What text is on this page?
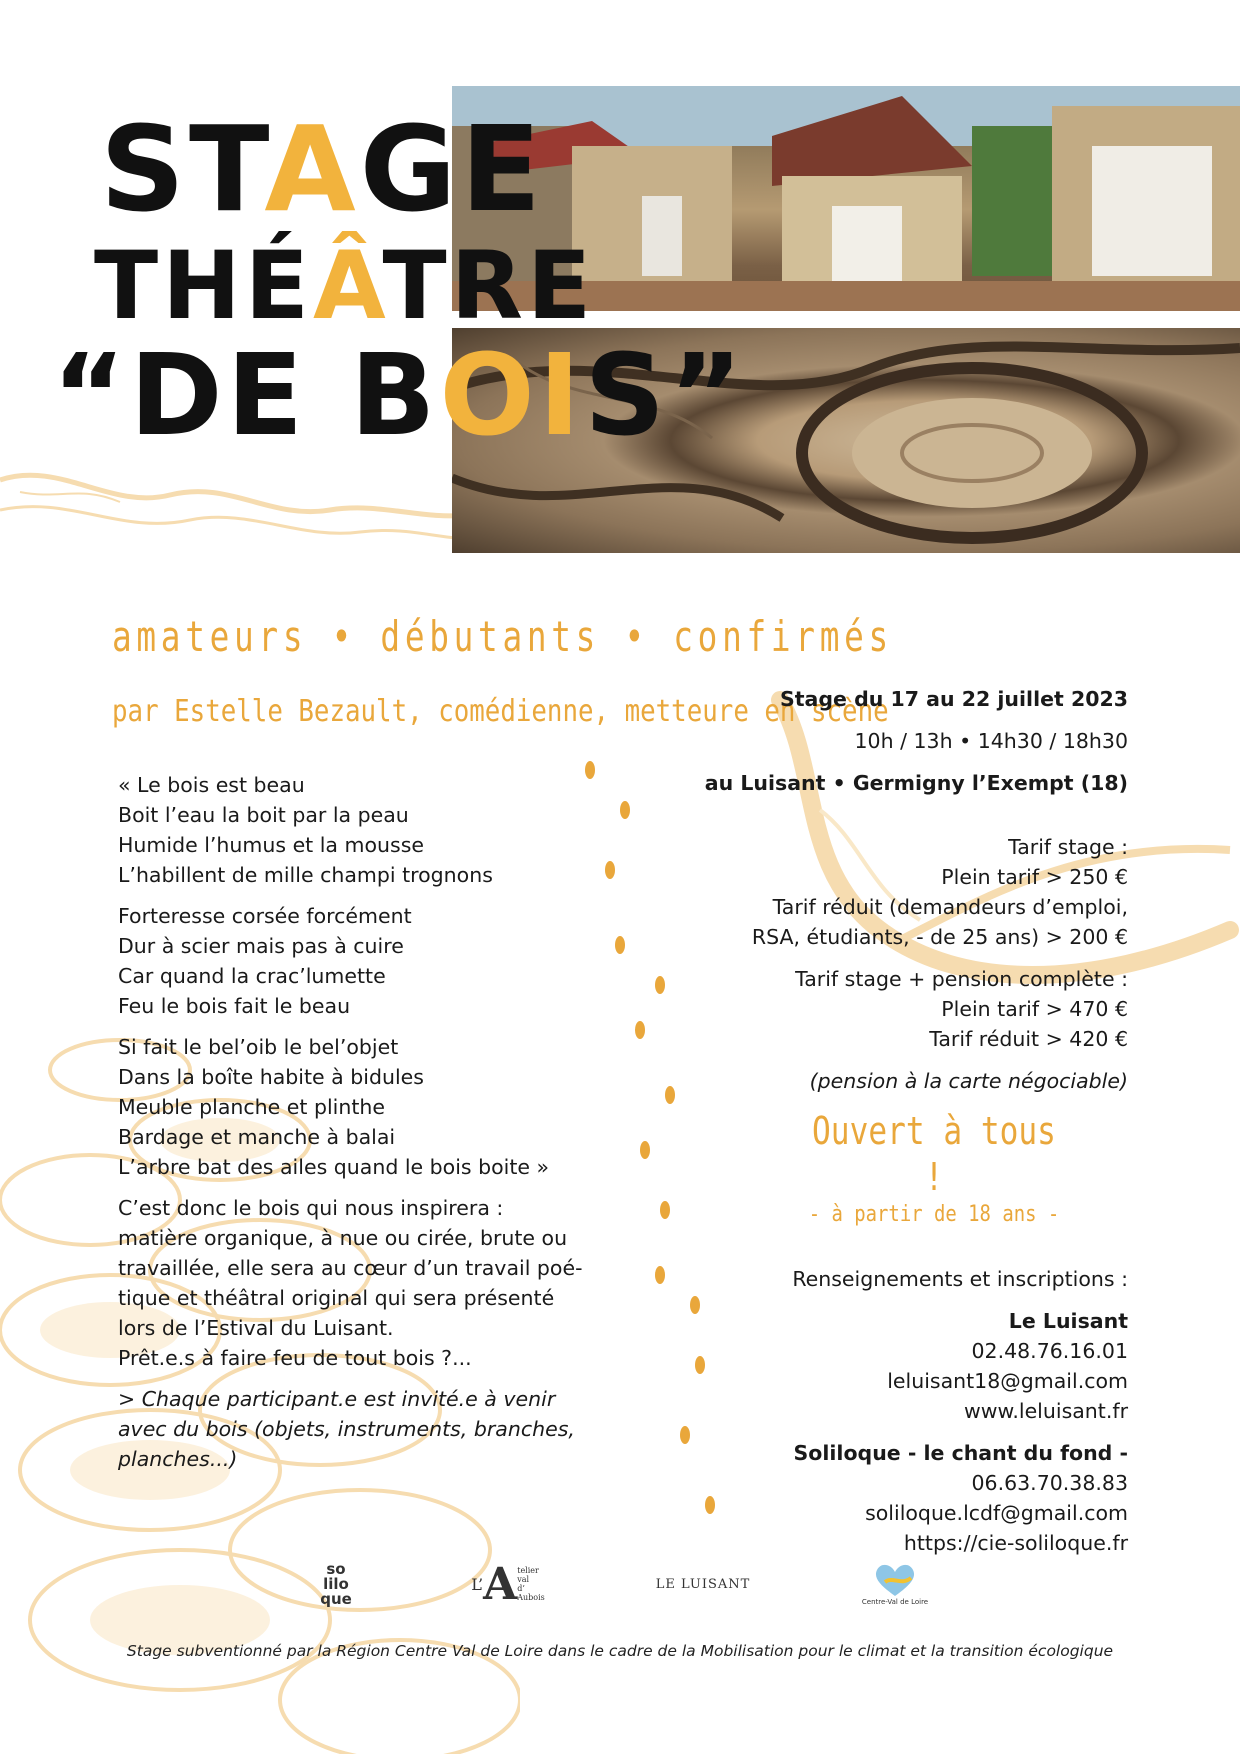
STAGE
THÉÂTRE
“DE BOIS”
amateurs • débutants • confirmés
par Estelle Bezault, comédienne, metteure en scène

« Le bois est beau
Boit l’eau la boit par la peau
Humide l’humus et la mousse
L’habillent de mille champi trognons

Forteresse corsée forcément
Dur à scier mais pas à cuire
Car quand la crac’lumette
Feu le bois fait le beau

Si fait le bel’oib le bel’objet
Dans la boîte habite à bidules
Meuble planche et plinthe
Bardage et manche à balai
L’arbre bat des ailes quand le bois boite »

C’est donc le bois qui nous inspirera :
matière organique, à nue ou cirée, brute ou
travaillée, elle sera au cœur d’un travail poé-
tique et théâtral original qui sera présenté
lors de l’Estival du Luisant.
Prêt.e.s à faire feu de tout bois ?...

> Chaque participant.e est invité.e à venir
avec du bois (objets, instruments, branches,
planches...)

Stage du 17 au 22 juillet 2023
10h / 13h • 14h30 / 18h30
au Luisant • Germigny l’Exempt (18)
Tarif stage :
Plein tarif > 250 €
Tarif réduit (demandeurs d’emploi,
RSA, étudiants, - de 25 ans) > 200 €
Tarif stage + pension complète :
Plein tarif > 470 €
Tarif réduit > 420 €
(pension à la carte négociable)
Ouvert à tous !
- à partir de 18 ans -
Renseignements et inscriptions :
Le Luisant
02.48.76.16.01
leluisant18@gmail.com
www.leluisant.fr
Soliloque - le chant du fond -
06.63.70.38.83
soliloque.lcdf@gmail.com
https://cie-soliloque.fr
so
lilo
que
L’ A telier
val
d’
Aubois
LE LUISANT
Centre-Val de Loire
Stage subventionné par la Région Centre Val de Loire dans le cadre de la Mobilisation pour le climat et la transition écologique
